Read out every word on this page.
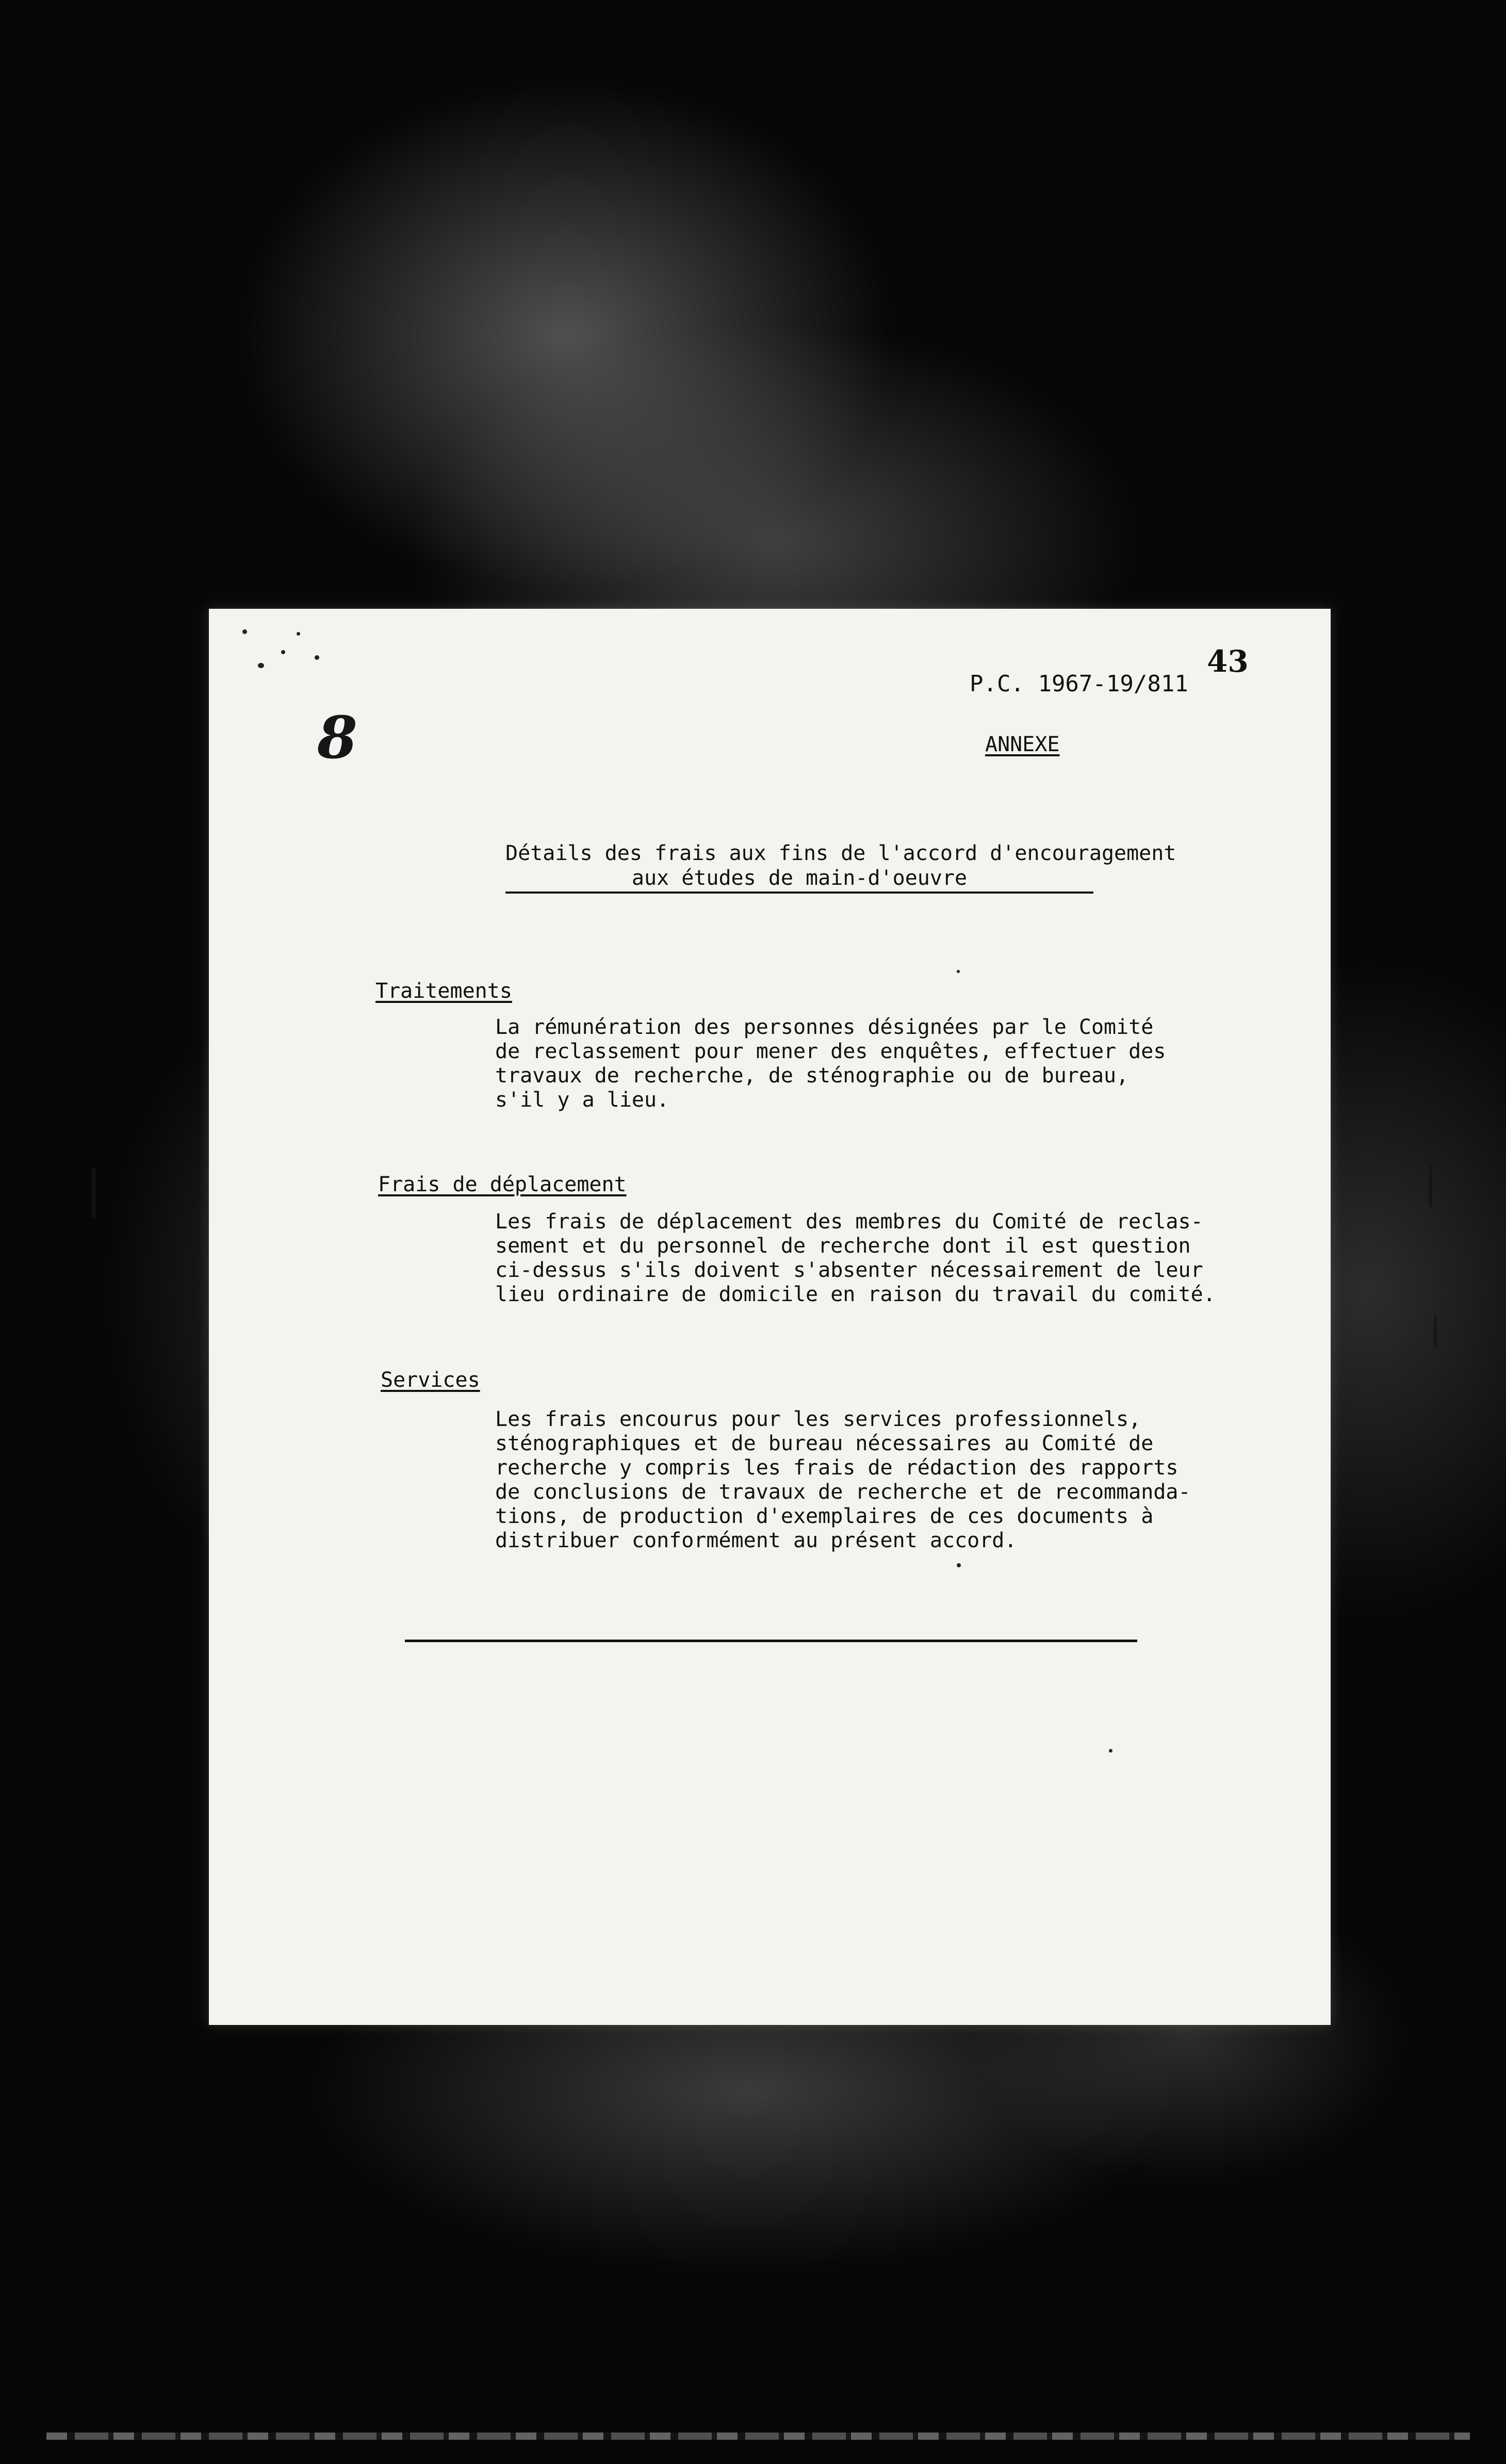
43
8
P.C. 1967-19/811
ANNEXE
Détails des frais aux fins de l'accord d'encouragement
aux études de main-d'oeuvre
Traitements
La rémunération des personnes désignées par le Comité
de reclassement pour mener des enquêtes, effectuer des
travaux de recherche, de sténographie ou de bureau,
s'il y a lieu.
Frais de déplacement
Les frais de déplacement des membres du Comité de reclas-
sement et du personnel de recherche dont il est question
ci-dessus s'ils doivent s'absenter nécessairement de leur
lieu ordinaire de domicile en raison du travail du comité.
Services
Les frais encourus pour les services professionnels,
sténographiques et de bureau nécessaires au Comité de
recherche y compris les frais de rédaction des rapports
de conclusions de travaux de recherche et de recommanda-
tions, de production d'exemplaires de ces documents à
distribuer conformément au présent accord.
